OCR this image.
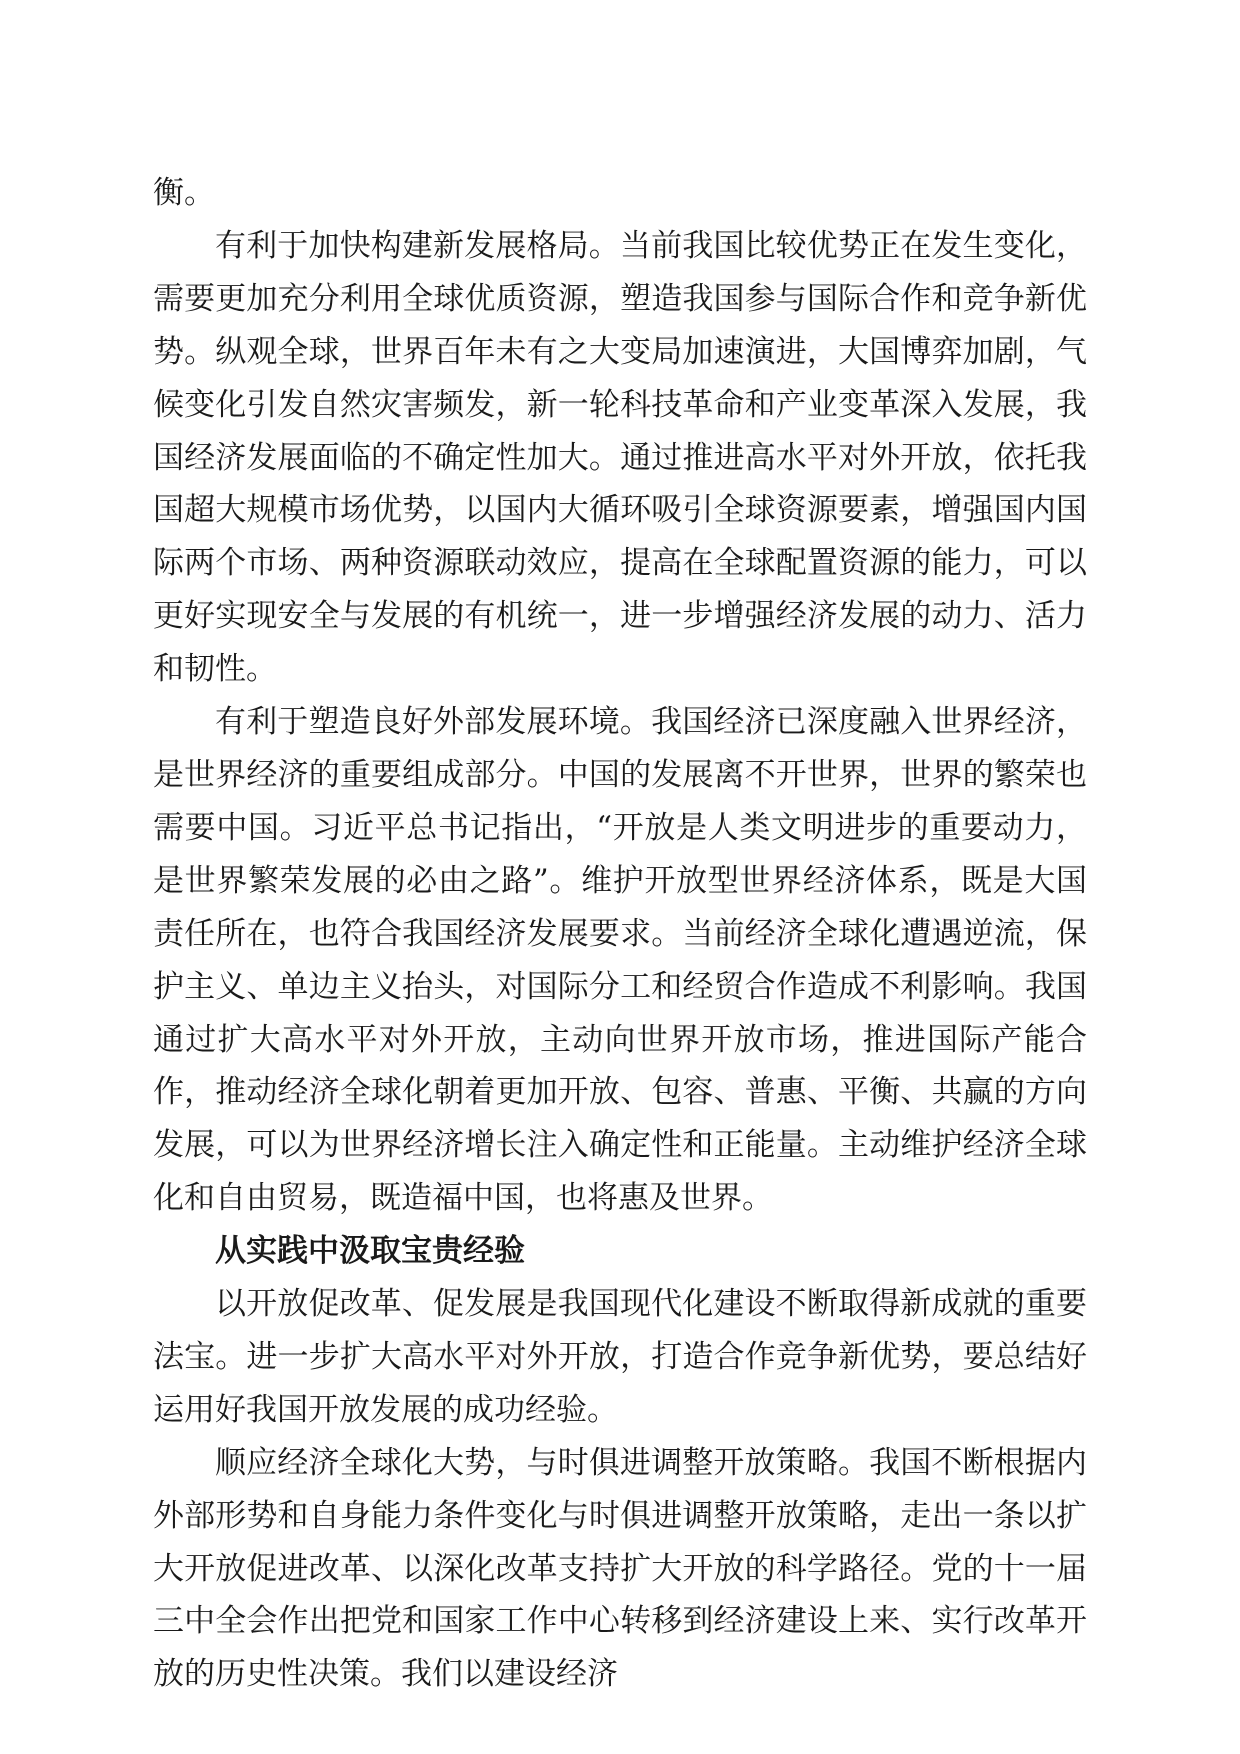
衡。

有利于加快构建新发展格局。当前我国比较优势正在发生变化，需要更加充分利用全球优质资源，塑造我国参与国际合作和竞争新优势。纵观全球，世界百年未有之大变局加速演进，大国博弈加剧，气候变化引发自然灾害频发，新一轮科技革命和产业变革深入发展，我国经济发展面临的不确定性加大。通过推进高水平对外开放，依托我国超大规模市场优势，以国内大循环吸引全球资源要素，增强国内国际两个市场、两种资源联动效应，提高在全球配置资源的能力，可以更好实现安全与发展的有机统一，进一步增强经济发展的动力、活力和韧性。

有利于塑造良好外部发展环境。我国经济已深度融入世界经济，是世界经济的重要组成部分。中国的发展离不开世界，世界的繁荣也需要中国。习近平总书记指出，“开放是人类文明进步的重要动力，是世界繁荣发展的必由之路”。维护开放型世界经济体系，既是大国责任所在，也符合我国经济发展要求。当前经济全球化遭遇逆流，保护主义、单边主义抬头，对国际分工和经贸合作造成不利影响。我国通过扩大高水平对外开放，主动向世界开放市场，推进国际产能合作，推动经济全球化朝着更加开放、包容、普惠、平衡、共赢的方向发展，可以为世界经济增长注入确定性和正能量。主动维护经济全球化和自由贸易，既造福中国，也将惠及世界。

从实践中汲取宝贵经验

以开放促改革、促发展是我国现代化建设不断取得新成就的重要法宝。进一步扩大高水平对外开放，打造合作竞争新优势，要总结好运用好我国开放发展的成功经验。

顺应经济全球化大势，与时俱进调整开放策略。我国不断根据内外部形势和自身能力条件变化与时俱进调整开放策略，走出一条以扩大开放促进改革、以深化改革支持扩大开放的科学路径。党的十一届三中全会作出把党和国家工作中心转移到经济建设上来、实行改革开放的历史性决策。我们以建设经济
